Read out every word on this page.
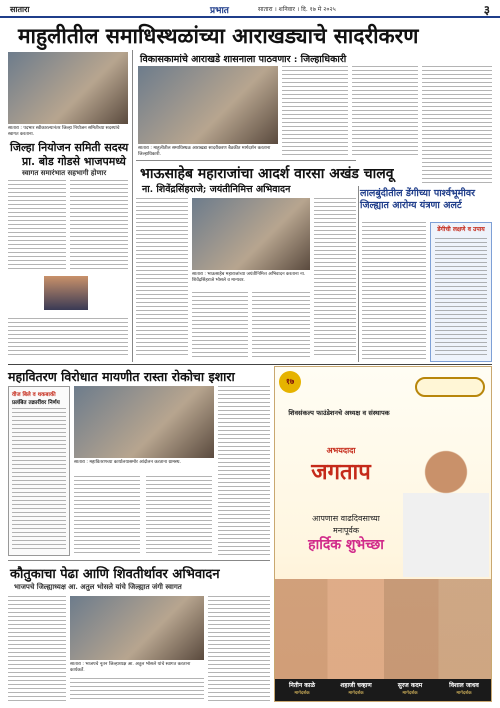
सातारा	प्रभात	सातारा । शनिवार । दि. १७ मे २०२५	३
माहुलीतील समाधिस्थळांच्या आराखड्याचे सादरीकरण
सातारा : पदभार स्वीकारल्यानंतर जिल्हा नियोजन समितीच्या सदस्यांचे स्वागत करताना.
जिल्हा नियोजन समिती सदस्य
प्रा. बोड गोडसे भाजपमध्ये
स्वागत समारंभात सहभागी होणार
विकासकामांचे आराखडे शासनाला पाठवणार : जिल्हाधिकारी
सातारा : माहुलीतील समाधिस्थळ आराखडा सादरीकरण बैठकीत मार्गदर्शन करताना जिल्हाधिकारी.
भाऊसाहेब महाराजांचा आदर्श वारसा अखंड चालवू
ना. शिवेंद्रसिंहराजे; जयंतीनिमित्त अभिवादन
सातारा : भाऊसाहेब महाराजांच्या जयंतीनिमित्त अभिवादन करताना ना. शिवेंद्रसिंहराजे भोसले व मान्यवर.
लालबुंदीतील डेंगीच्या पार्श्वभूमीवर जिल्ह्यात आरोग्य यंत्रणा अलर्ट
डेंगीची लक्षणे व उपाय
महावितरण विरोधात मायणीत रास्ता रोकोचा इशारा
वीज बिले व थकबाकी
प्रलंबित तक्रारींवर निर्णय
सातारा : महावितरणच्या कार्यालयासमोर आंदोलन करताना ग्रामस्थ.
कौतुकाचा पेढा आणि शिवतीर्थावर अभिवादन
भाजपचे जिल्ह्याध्यक्ष आ. अतुल भोसले यांचे जिल्ह्यात जंगी स्वागत
सातारा : भाजपचे नूतन जिल्हाध्यक्ष आ. अतुल भोसले यांचे स्वागत करताना कार्यकर्ते.
१७
शिवसंकल्प फाउंडेशनचे अध्यक्ष व संस्थापक
अभयदादा
जगताप
आपणास वाढदिवसाच्या
मनःपूर्वक
हार्दिक शुभेच्छा
नितीन काळे
मार्गदर्शक
शहाजी चव्हाण
मार्गदर्शक
सुरज कदम
मार्गदर्शक
विशाल जाधव
मार्गदर्शक
